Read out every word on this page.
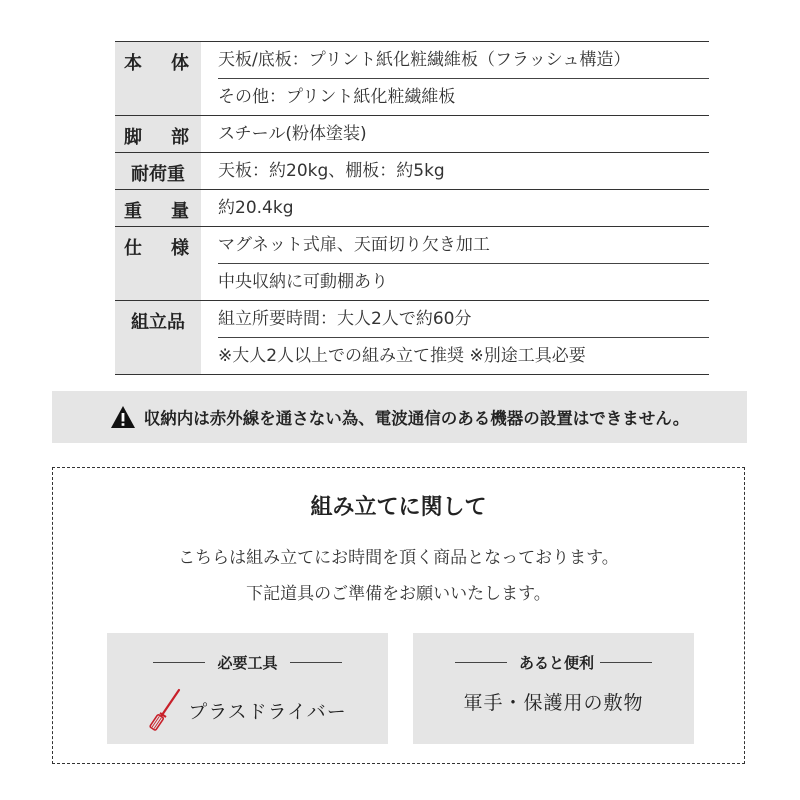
本 体 天板/底板：プリント紙化粧繊維板（フラッシュ構造）
その他：プリント紙化粧繊維板
脚 部 スチール(粉体塗装)
耐荷重	天板：約20kg、棚板：約5kg
重 量 約20.4kg
仕 様 マグネット式扉、天面切り欠き加工
中央収納に可動棚あり
組立品	組立所要時間：大人2人で約60分
※大人2人以上での組み立て推奨 ※別途工具必要
収納内は赤外線を通さない為、電波通信のある機器の設置はできません。
組み立てに関して
こちらは組み立てにお時間を頂く商品となっております。
下記道具のご準備をお願いいたします。
必要工具
プラスドライバー
あると便利
軍手・保護用の敷物
